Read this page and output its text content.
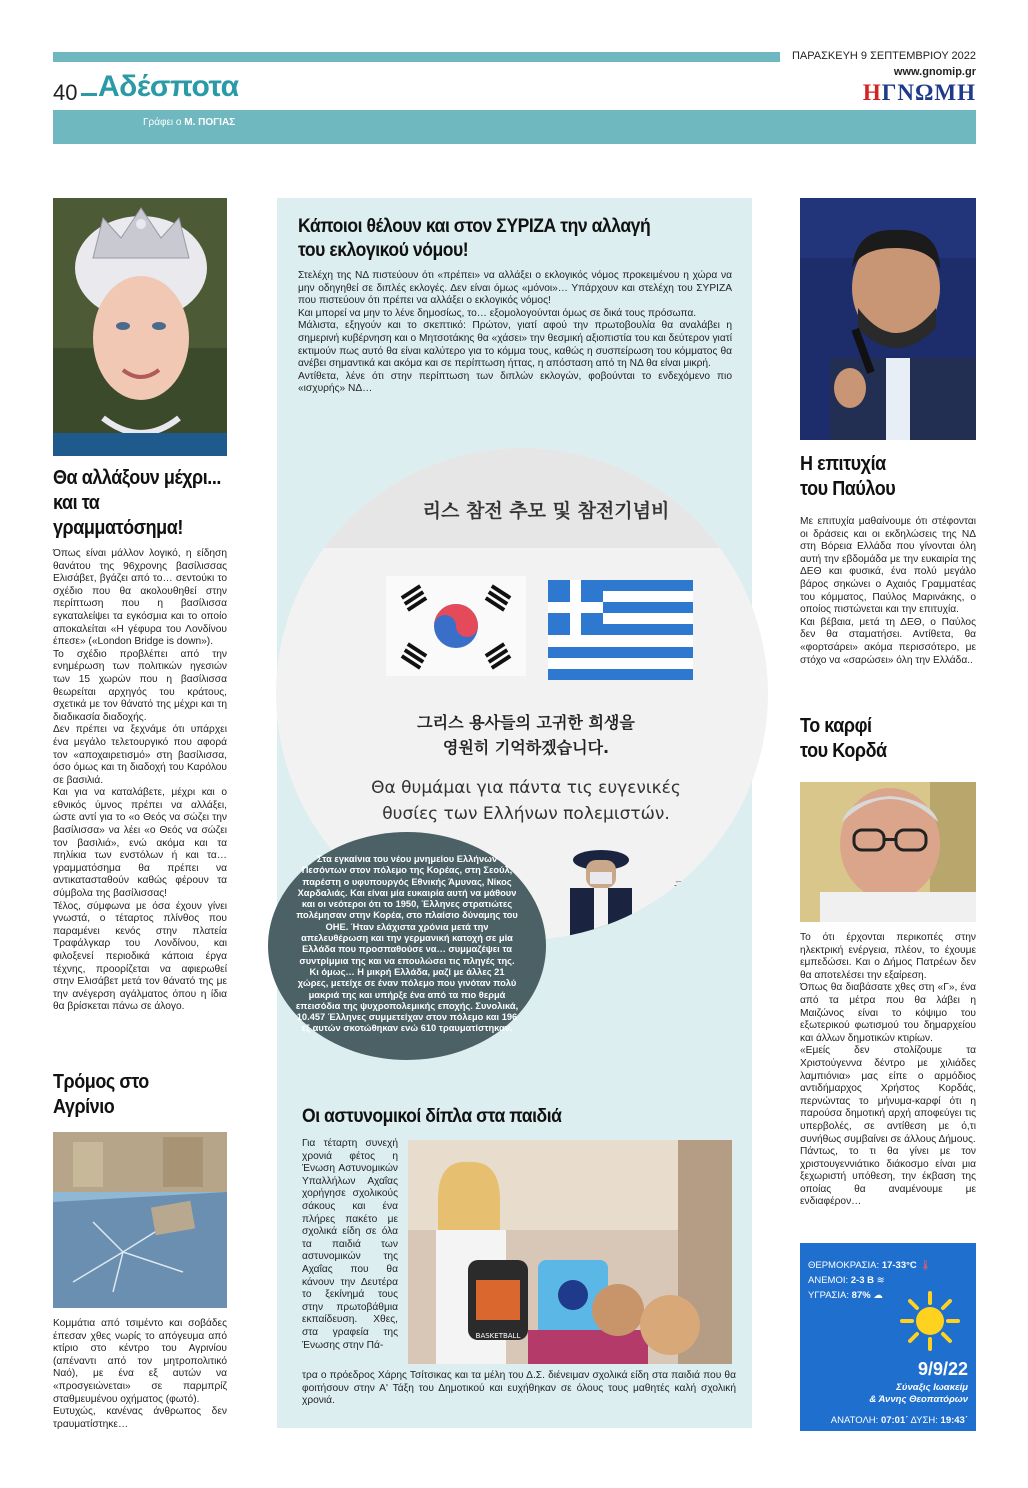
40 Αδέσποτα
ΠΑΡΑΣΚΕΥΗ 9 ΣΕΠΤΕΜΒΡΙΟΥ 2022
www.gnomip.gr
ΗΓΝΩΜΗ
Γράφει ο Μ. ΠΟΓΙΑΣ
Θα αλλάξουν μέχρι... και τα γραμματόσημα!

Όπως είναι μάλλον λογικό, η είδηση θανάτου της 96χρονης βασίλισσας Ελισάβετ, βγάζει από το… σεντούκι το σχέδιο που θα ακολουθηθεί στην περίπτωση που η βασίλισσα εγκαταλείψει τα εγκόσμια και το οποίο αποκαλείται «Η γέφυρα του Λονδίνου έπεσε» («London Bridge is down»).

Το σχέδιο προβλέπει από την ενημέρωση των πολιτικών ηγεσιών των 15 χωρών που η βασίλισσα θεωρείται αρχηγός του κράτους, σχετικά με τον θάνατό της μέχρι και τη διαδικασία διαδοχής.

Δεν πρέπει να ξεχνάμε ότι υπάρχει ένα μεγάλο τελετουργικό που αφορά τον «αποχαιρετισμό» στη βασίλισσα, όσο όμως και τη διαδοχή του Καρόλου σε βασιλιά.

Και για να καταλάβετε, μέχρι και ο εθνικός ύμνος πρέπει να αλλάξει, ώστε αντί για το «ο Θεός να σώζει την βασίλισσα» να λέει «ο Θεός να σώζει τον βασιλιά», ενώ ακόμα και τα πηλίκια των ενστόλων ή και τα… γραμματόσημα θα πρέπει να αντικατασταθούν καθώς φέρουν τα σύμβολα της βασίλισσας!

Τέλος, σύμφωνα με όσα έχουν γίνει γνωστά, ο τέταρτος πλίνθος που παραμένει κενός στην πλατεία Τραφάλγκαρ του Λονδίνου, και φιλοξενεί περιοδικά κάποια έργα τέχνης, προορίζεται να αφιερωθεί στην Ελισάβετ μετά τον θάνατό της με την ανέγερση αγάλματος όπου η ίδια θα βρίσκεται πάνω σε άλογο.

Τρόμος στο Αγρίνιο

Κομμάτια από τσιμέντο και σοβάδες έπεσαν χθες νωρίς το απόγευμα από κτίριο στο κέντρο του Αγρινίου (απέναντι από τον μητροπολιτικό Ναό), με ένα εξ αυτών να «προσγειώνεται» σε παρμπρίζ σταθμευμένου οχήματος (φωτό).

Ευτυχώς, κανένας άνθρωπος δεν τραυματίστηκε…

Κάποιοι θέλουν και στον ΣΥΡΙΖΑ την αλλαγή του εκλογικού νόμου!

Στελέχη της ΝΔ πιστεύουν ότι «πρέπει» να αλλάξει ο εκλογικός νόμος προκειμένου η χώρα να μην οδηγηθεί σε διπλές εκλογές. Δεν είναι όμως «μόνοι»… Υπάρχουν και στελέχη του ΣΥΡΙΖΑ που πιστεύουν ότι πρέπει να αλλάξει ο εκλογικός νόμος!

Και μπορεί να μην το λένε δημοσίως, το… εξομολογούνται όμως σε δικά τους πρόσωπα.

Μάλιστα, εξηγούν και το σκεπτικό: Πρώτον, γιατί αφού την πρωτοβουλία θα αναλάβει η σημερινή κυβέρνηση και ο Μητσοτάκης θα «χάσει» την θεσμική αξιοπιστία του και δεύτερον γιατί εκτιμούν πως αυτό θα είναι καλύτερο για το κόμμα τους, καθώς η συσπείρωση του κόμματος θα ανέβει σημαντικά και ακόμα και σε περίπτωση ήττας, η απόσταση από τη ΝΔ θα είναι μικρή.

Αντίθετα, λένε ότι στην περίπτωση των διπλών εκλογών, φοβούνται το ενδεχόμενο πιο «ισχυρής» ΝΔ…

리스 참전 추모 및 참전기념비
그리스 용사들의 고귀한 희생을
영원히 기억하겠습니다.
Θα θυμάμαι για πάντα τις ευγενικές
θυσίες των Ελλήνων πολεμιστών.
국가보훈처
Στα εγκαίνια του νέου μνημείου Ελλήνων Πεσόντων στον πόλεμο της Κορέας, στη Σεούλ, παρέστη ο υφυπουργός Εθνικής Άμυνας, Νίκος Χαρδαλιάς. Και είναι μία ευκαιρία αυτή να μάθουν και οι νεότεροι ότι το 1950, Έλληνες στρατιώτες πολέμησαν στην Κορέα, στο πλαίσιο δύναμης του ΟΗΕ. Ήταν ελάχιστα χρόνια μετά την απελευθέρωση και την γερμανική κατοχή σε μία Ελλάδα που προσπαθούσε να… συμμαζέψει τα συντρίμμια της και να επουλώσει τις πληγές της. Κι όμως… Η μικρή Ελλάδα, μαζί με άλλες 21 χώρες, μετείχε σε έναν πόλεμο που γινόταν πολύ μακριά της και υπήρξε ένα από τα πιο θερμά επεισόδια της ψυχροπολεμικής εποχής. Συνολικά, 10.457 Έλληνες συμμετείχαν στον πόλεμο και 196 εξ αυτών σκοτώθηκαν ενώ 610 τραυματίστηκαν.
Οι αστυνομικοί δίπλα στα παιδιά
Για τέταρτη συνεχή χρονιά φέτος η Ένωση Αστυνομικών Υπαλλήλων Αχαΐας χορήγησε σχολικούς σάκους και ένα πλήρες πακέτο με σχολικά είδη σε όλα τα παιδιά των αστυνομικών της Αχαΐας που θα κάνουν την Δευτέρα το ξεκίνημά τους στην πρωτοβάθμια εκπαίδευση. Χθες, στα γραφεία της Ένωσης στην Πά-
BASKETBALL
τρα ο πρόεδρος Χάρης Τσίτσικας και τα μέλη του Δ.Σ. διένειμαν σχολικά είδη στα παιδιά που θα φοιτήσουν στην Α' Τάξη του Δημοτικού και ευχήθηκαν σε όλους τους μαθητές καλή σχολική χρονιά.
Η επιτυχία του Παύλου

Με επιτυχία μαθαίνουμε ότι στέφονται οι δράσεις και οι εκδηλώσεις της ΝΔ στη Βόρεια Ελλάδα που γίνονται όλη αυτή την εβδομάδα με την ευκαιρία της ΔΕΘ και φυσικά, ένα πολύ μεγάλο βάρος σηκώνει ο Αχαιός Γραμματέας του κόμματος, Παύλος Μαρινάκης, ο οποίος πιστώνεται και την επιτυχία.

Και βέβαια, μετά τη ΔΕΘ, ο Παύλος δεν θα σταματήσει. Αντίθετα, θα «φορτσάρει» ακόμα περισσότερο, με στόχο να «σαρώσει» όλη την Ελλάδα..

Το καρφί του Κορδά

Το ότι έρχονται περικοπές στην ηλεκτρική ενέργεια, πλέον, το έχουμε εμπεδώσει. Και ο Δήμος Πατρέων δεν θα αποτελέσει την εξαίρεση.

Όπως θα διαβάσατε χθες στη «Γ», ένα από τα μέτρα που θα λάβει η Μαιζώνος είναι το κόψιμο του εξωτερικού φωτισμού του δημαρχείου και άλλων δημοτικών κτιρίων.

«Εμείς δεν στολίζουμε τα Χριστούγεννα δέντρο με χιλιάδες λαμπιόνια» μας είπε ο αρμόδιος αντιδήμαρχος Χρήστος Κορδάς, περνώντας το μήνυμα-καρφί ότι η παρούσα δημοτική αρχή αποφεύγει τις υπερβολές, σε αντίθεση με ό,τι συνήθως συμβαίνει σε άλλους Δήμους.

Πάντως, το τι θα γίνει με τον χριστουγεννιάτικο διάκοσμο είναι μια ξεχωριστή υπόθεση, την έκβαση της οποίας θα αναμένουμε με ενδιαφέρον…

ΘΕΡΜΟΚΡΑΣΙΑ: 17-33°C 🌡
ΑΝΕΜΟΙ: 2-3 Β ≋
ΥΓΡΑΣΙΑ: 87% ☁
9/9/22
Σύναξις Ιωακείμ
& Άννης Θεοπατόρων
ΑΝΑΤΟΛΗ: 07:01΄ ΔΥΣΗ: 19:43΄
